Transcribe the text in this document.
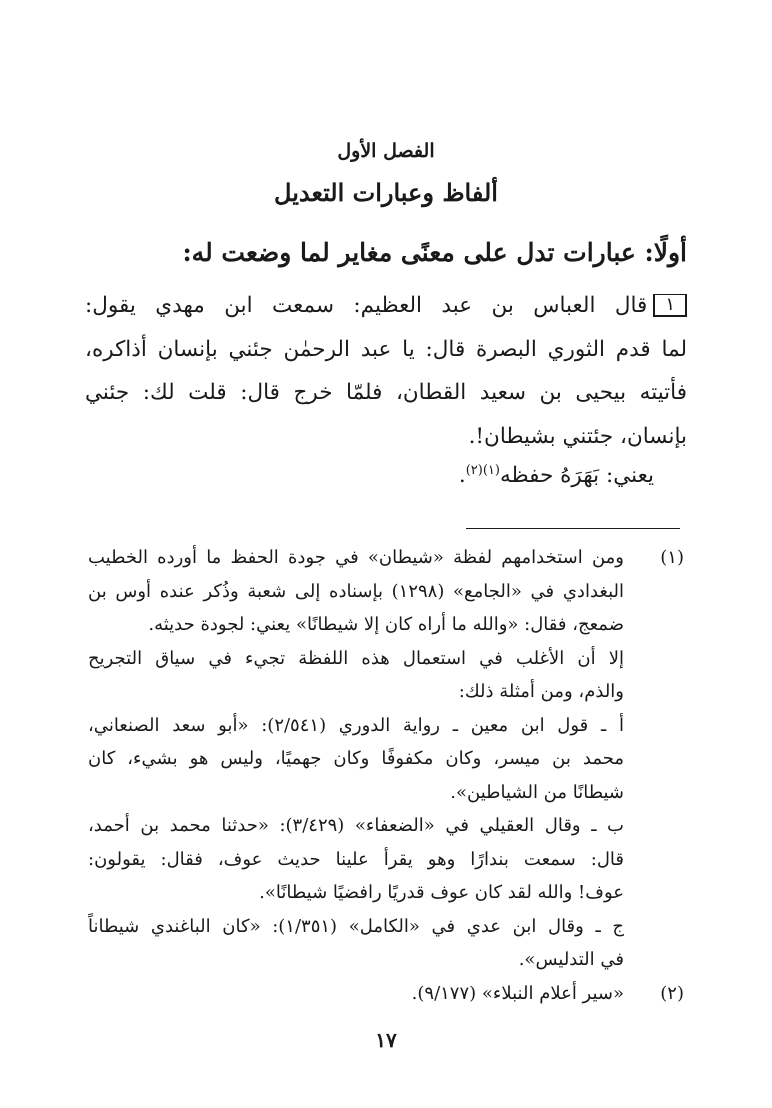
الفصل الأول
ألفاظ وعبارات التعديل
أولًا: عبارات تدل على معنًى مغاير لما وضعت له:
١قال العباس بن عبد العظيم: سمعت ابن مهدي يقول:
لما قدم الثوري البصرة قال: يا عبد الرحمٰن جئني بإنسان أذاكره،
فأتيته بيحيى بن سعيد القطان، فلمّا خرج قال: قلت لك: جئني
بإنسان، جئتني بشيطان!.
يعني: بَهَرَهُ حفظه$^{(١)(٢)}$.
(١)
ومن استخدامهم لفظة «شيطان» في جودة الحفظ ما أورده الخطيب
البغدادي في «الجامع» (١٢٩٨) بإسناده إلى شعبة وذُكر عنده أوس بن
ضمعج، فقال: «والله ما أراه كان إلا شيطانًا» يعني: لجودة حديثه.
إلا أن الأغلب في استعمال هذه اللفظة تجيء في سياق التجريح
والذم، ومن أمثلة ذلك:
أ ـ قول ابن معين ـ رواية الدوري (٢/٥٤١): «أبو سعد الصنعاني،
محمد بن ميسر، وكان مكفوفًا وكان جهميًا، وليس هو بشيء، كان
شيطانًا من الشياطين».
ب ـ وقال العقيلي في «الضعفاء» (٣/٤٢٩): «حدثنا محمد بن أحمد،
قال: سمعت بندارًا وهو يقرأ علينا حديث عوف، فقال: يقولون:
عوف! والله لقد كان عوف قدريًا رافضيًا شيطانًا».
ج ـ وقال ابن عدي في «الكامل» (١/٣٥١): «كان الباغندي شيطاناً
في التدليس».
(٢)
«سير أعلام النبلاء» (٩/١٧٧).
١٧
